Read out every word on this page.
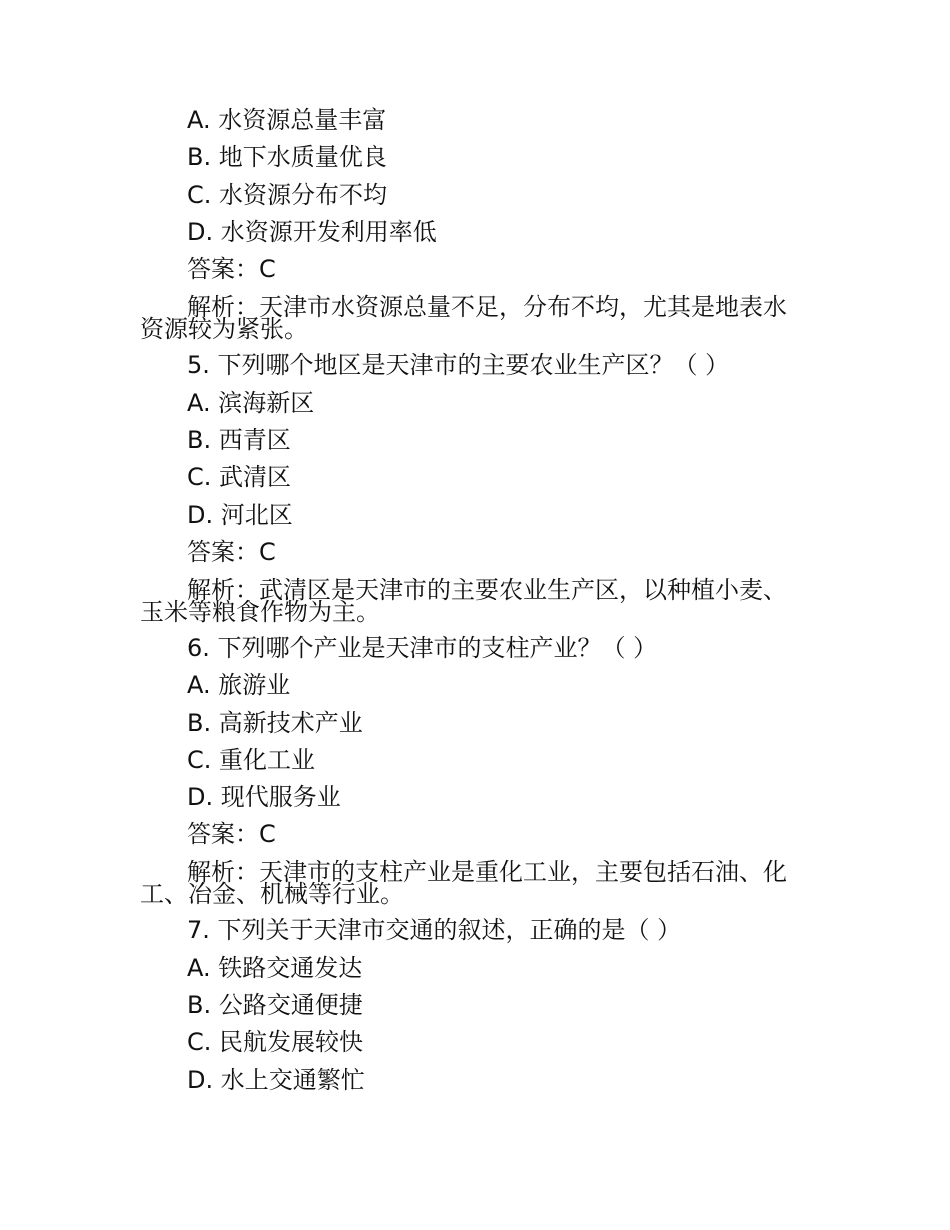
A. 水资源总量丰富

B. 地下水质量优良

C. 水资源分布不均

D. 水资源开发利用率低

答案：C

解析：天津市水资源总量不足，分布不均，尤其是地表水

资源较为紧张。

5. 下列哪个地区是天津市的主要农业生产区？（ ）

A. 滨海新区

B. 西青区

C. 武清区

D. 河北区

答案：C

解析：武清区是天津市的主要农业生产区，以种植小麦、

玉米等粮食作物为主。

6. 下列哪个产业是天津市的支柱产业？（ ）

A. 旅游业

B. 高新技术产业

C. 重化工业

D. 现代服务业

答案：C

解析：天津市的支柱产业是重化工业，主要包括石油、化

工、冶金、机械等行业。

7. 下列关于天津市交通的叙述，正确的是（ ）

A. 铁路交通发达

B. 公路交通便捷

C. 民航发展较快

D. 水上交通繁忙
